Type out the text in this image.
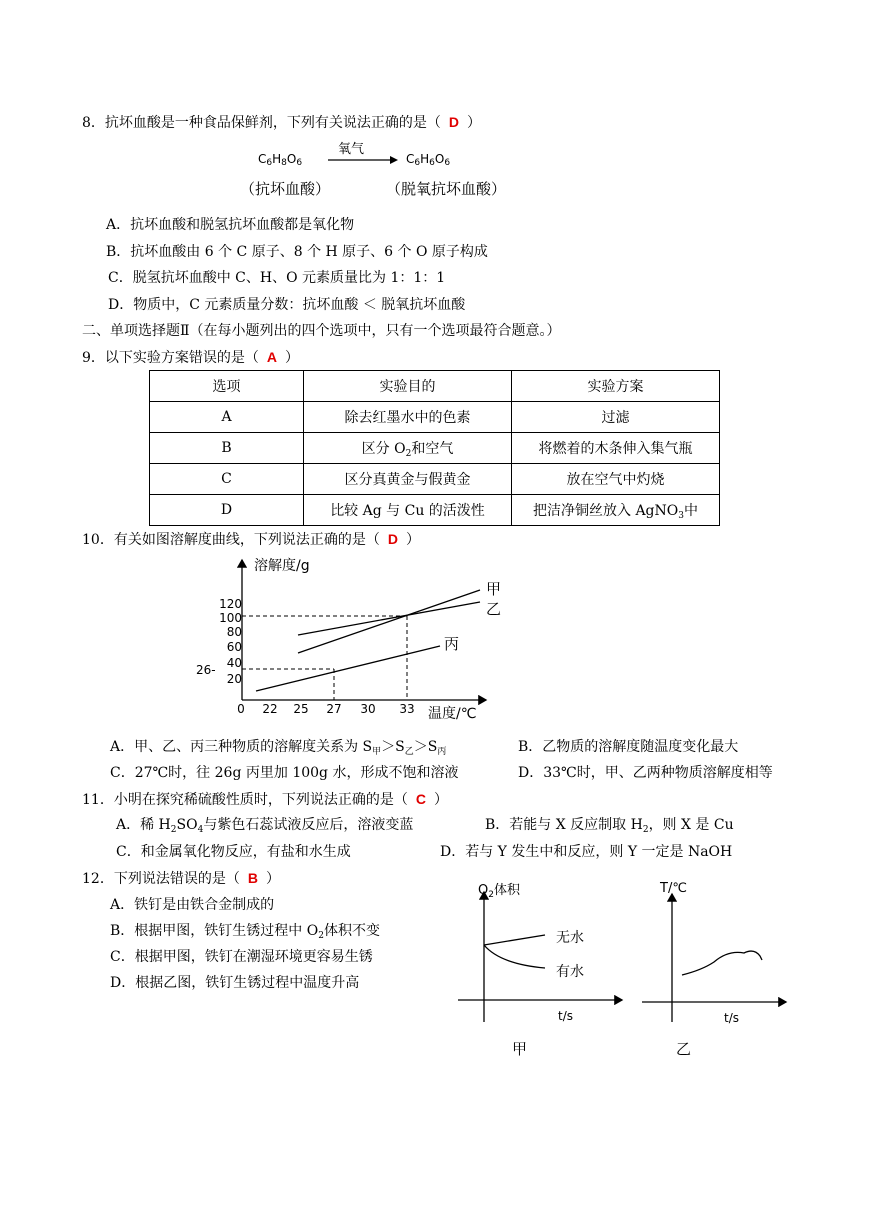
8．抗坏血酸是一种食品保鲜剂，下列有关说法正确的是（ D ）
$C_6H_8O_6$
氧气
$C_6H_6O_6$
（抗坏血酸）	（脱氧抗坏血酸）
A．抗坏血酸和脱氢抗坏血酸都是氧化物
B．抗坏血酸由 6 个 C 原子、8 个 H 原子、6 个 O 原子构成
C．脱氢抗坏血酸中 C、H、O 元素质量比为 1：1：1
D．物质中，C 元素质量分数：抗坏血酸 ＜ 脱氧抗坏血酸
二、单项选择题Ⅱ（在每小题列出的四个选项中，只有一个选项最符合题意。）
9．以下实验方案错误的是（ A ）
选项	实验目的	实验方案
A	除去红墨水中的色素	过滤
B	区分 $O_2$和空气	将燃着的木条伸入集气瓶
C	区分真黄金与假黄金	放在空气中灼烧
D	比较 Ag 与 Cu 的活泼性	把洁净铜丝放入 AgNO$_3$中
10．有关如图溶解度曲线，下列说法正确的是（ D ）
溶解度/g
温度/℃
120
100
80
60
40
20
26-
0 22 25 27 30 33
甲
乙
丙
A．甲、乙、丙三种物质的溶解度关系为 $S_甲>S_乙>S_丙$	B．乙物质的溶解度随温度变化最大
C．27℃时，往 26g 丙里加 100g 水，形成不饱和溶液	D．33℃时，甲、乙两种物质溶解度相等
11．小明在探究稀硫酸性质时，下列说法正确的是（ C ）
A．稀 $H_2SO_4$与紫色石蕊试液反应后，溶液变蓝	B．若能与 X 反应制取 $H_2$，则 X 是 Cu
C．和金属氧化物反应，有盐和水生成	D．若与 Y 发生中和反应，则 Y 一定是 NaOH
12．下列说法错误的是（ B ）
A．铁钉是由铁合金制成的
B．根据甲图，铁钉生锈过程中 $O_2$体积不变
C．根据甲图，铁钉在潮湿环境更容易生锈
D．根据乙图，铁钉生锈过程中温度升高
$O_2$体积
无水
有水
t/s
甲
T/℃
t/s
乙
